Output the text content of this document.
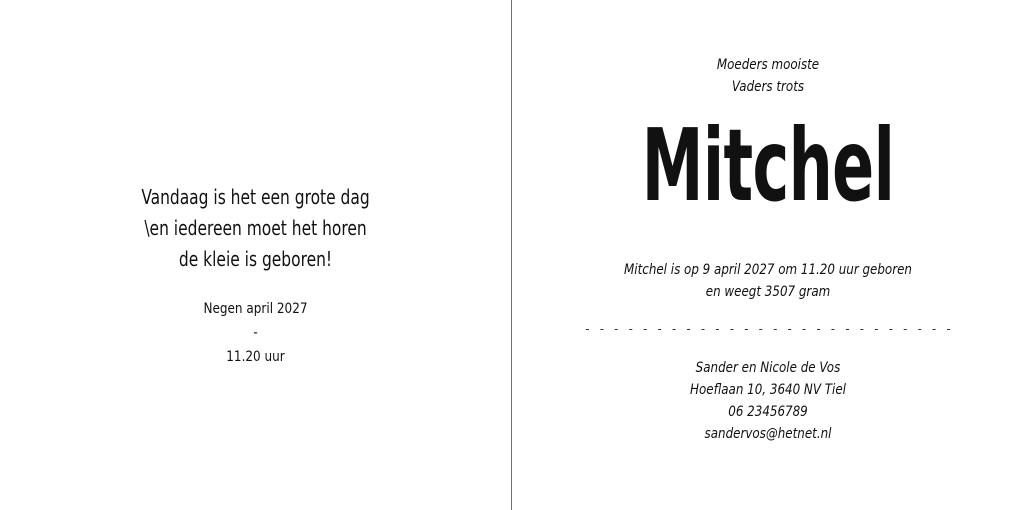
Vandaag is het een grote dag
\en iedereen moet het horen
de kleie is geboren!
Negen april 2027
-
11.20 uur
Moeders mooiste
Vaders trots
Mitchel
Mitchel is op 9 april 2027 om 11.20 uur geboren
en weegt 3507 gram
- - - - - - - - - - - - - - - - - - - - - - - - - -
Sander en Nicole de Vos
Hoeflaan 10, 3640 NV Tiel
06 23456789
sandervos@hetnet.nl
